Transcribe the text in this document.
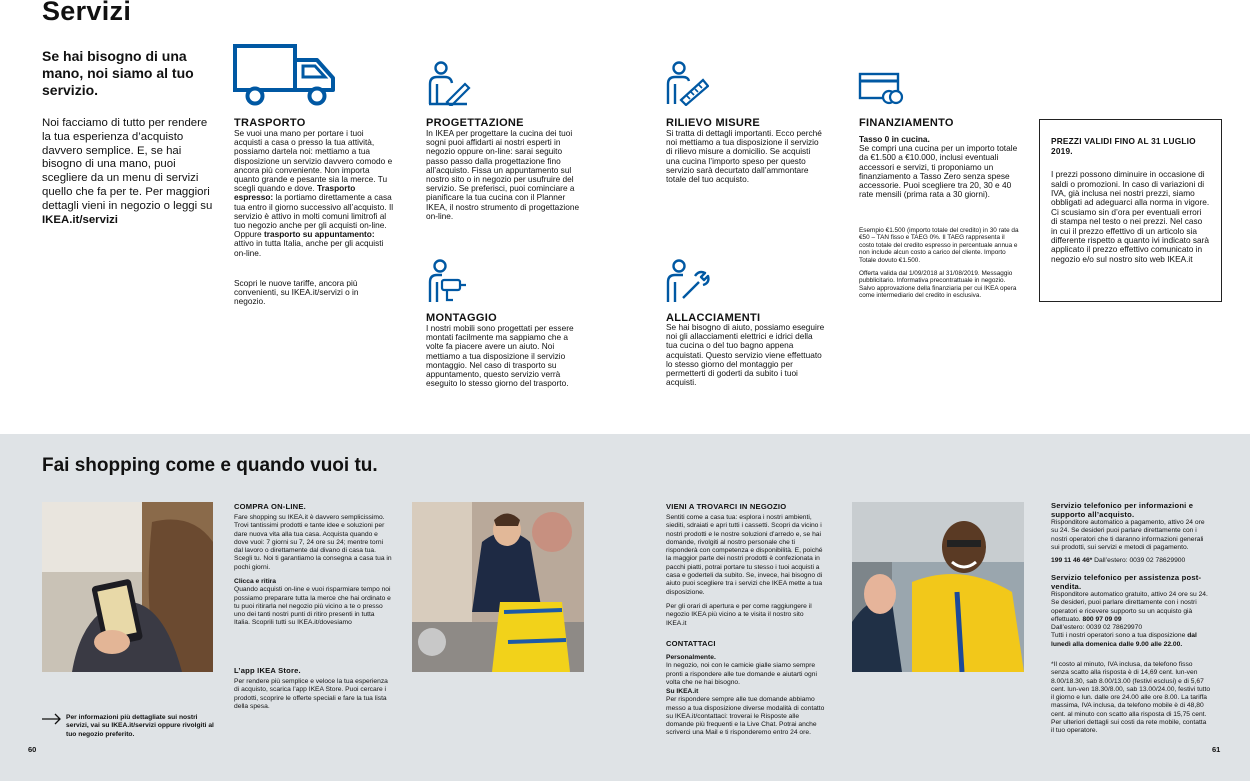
Servizi
Se hai bisogno di una mano, noi siamo al tuo servizio.
Noi facciamo di tutto per rendere la tua esperienza d’acquisto davvero semplice. E, se hai bisogno di una mano, puoi scegliere da un menu di servizi quello che fa per te. Per maggiori dettagli vieni in negozio o leggi su IKEA.it/servizi
TRASPORTO
Se vuoi una mano per portare i tuoi acquisti a casa o presso la tua attività, possiamo dartela noi: mettiamo a tua disposizione un servizio davvero comodo e ancora più conveniente. Non importa quanto grande e pesante sia la merce. Tu scegli quando e dove. Trasporto espresso: la portiamo direttamente a casa tua entro il giorno successivo all’acquisto. Il servizio è attivo in molti comuni limitrofi al tuo negozio anche per gli acquisti on-line. Oppure trasporto su appuntamento: attivo in tutta Italia, anche per gli acquisti on-line.
Scopri le nuove tariffe, ancora più convenienti, su IKEA.it/servizi o in negozio.
PROGETTAZIONE
In IKEA per progettare la cucina dei tuoi sogni puoi affidarti ai nostri esperti in negozio oppure on-line: sarai seguito passo passo dalla progettazione fino all’acquisto. Fissa un appuntamento sul nostro sito o in negozio per usufruire del servizio. Se preferisci, puoi cominciare a pianificare la tua cucina con il Planner IKEA, il nostro strumento di progettazione on-line.
RILIEVO MISURE
Si tratta di dettagli importanti. Ecco perché noi mettiamo a tua disposizione il servizio di rilievo misure a domicilio. Se acquisti una cucina l’importo speso per questo servizio sarà decurtato dall’ammontare totale del tuo acquisto.
FINANZIAMENTO
Tasso 0 in cucina.
Se compri una cucina per un importo totale da €1.500 a €10.000, inclusi eventuali accessori e servizi, ti proponiamo un finanziamento a Tasso Zero senza spese accessorie. Puoi scegliere tra 20, 30 e 40 rate mensili (prima rata a 30 giorni).
Esempio €1.500 (importo totale del credito) in 30 rate da €50 – TAN fisso e TAEG 0%. Il TAEG rappresenta il costo totale del credito espresso in percentuale annua e non include alcun costo a carico del cliente. Importo Totale dovuto €1.500.
Offerta valida dal 1/09/2018 al 31/08/2019. Messaggio pubblicitario. Informativa precontrattuale in negozio. Salvo approvazione della finanziaria per cui IKEA opera come intermediario del credito in esclusiva.
MONTAGGIO
I nostri mobili sono progettati per essere montati facilmente ma sappiamo che a volte fa piacere avere un aiuto. Noi mettiamo a tua disposizione il servizio montaggio. Nel caso di trasporto su appuntamento, questo servizio verrà eseguito lo stesso giorno del trasporto.
ALLACCIAMENTI
Se hai bisogno di aiuto, possiamo eseguire noi gli allacciamenti elettrici e idrici della tua cucina o del tuo bagno appena acquistati. Questo servizio viene effettuato lo stesso giorno del montaggio per permetterti di goderti da subito i tuoi acquisti.
PREZZI VALIDI FINO AL 31 LUGLIO 2019.
I prezzi possono diminuire in occasione di saldi o promozioni. In caso di variazioni di IVA, già inclusa nei nostri prezzi, siamo obbligati ad adeguarci alla norma in vigore. Ci scusiamo sin d’ora per eventuali errori di stampa nel testo o nei prezzi. Nel caso in cui il prezzo effettivo di un articolo sia differente rispetto a quanto ivi indicato sarà applicato il prezzo effettivo comunicato in negozio e/o sul nostro sito web IKEA.it
Fai shopping come e quando vuoi tu.
COMPRA ON-LINE.
Fare shopping su IKEA.it è davvero semplicissimo. Trovi tantissimi prodotti e tante idee e soluzioni per dare nuova vita alla tua casa. Acquista quando e dove vuoi: 7 giorni su 7, 24 ore su 24; mentre torni dal lavoro o direttamente dal divano di casa tua. Scegli tu. Noi ti garantiamo la consegna a casa tua in pochi giorni.
Clicca e ritira
Quando acquisti on-line e vuoi risparmiare tempo noi possiamo preparare tutta la merce che hai ordinato e tu puoi ritirarla nel negozio più vicino a te o presso uno dei tanti nostri punti di ritiro presenti in tutta Italia. Scoprili tutti su IKEA.it/dovesiamo
L’app IKEA Store.
Per rendere più semplice e veloce la tua esperienza di acquisto, scarica l’app IKEA Store. Puoi cercare i prodotti, scoprire le offerte speciali e fare la tua lista della spesa.
Per informazioni più dettagliate sui nostri servizi, vai su IKEA.it/servizi oppure rivolgiti al tuo negozio preferito.
60
VIENI A TROVARCI IN NEGOZIO
Sentiti come a casa tua: esplora i nostri ambienti, siediti, sdraiati e apri tutti i cassetti. Scopri da vicino i nostri prodotti e le nostre soluzioni d’arredo e, se hai domande, rivolgiti al nostro personale che ti risponderà con competenza e disponibilità. E, poiché la maggior parte dei nostri prodotti è confezionata in pacchi piatti, potrai portare tu stesso i tuoi acquisti a casa e goderteli da subito. Se, invece, hai bisogno di aiuto puoi scegliere tra i servizi che IKEA mette a tua disposizione.
Per gli orari di apertura e per come raggiungere il negozio IKEA più vicino a te visita il nostro sito IKEA.it
CONTATTACI
Personalmente.
In negozio, noi con le camicie gialle siamo sempre pronti a rispondere alle tue domande e aiutarti ogni volta che ne hai bisogno.
Su IKEA.it
Per rispondere sempre alle tue domande abbiamo messo a tua disposizione diverse modalità di contatto su IKEA.it/contattaci: troverai le Risposte alle domande più frequenti e la Live Chat. Potrai anche scriverci una Mail e ti risponderemo entro 24 ore.
Servizio telefonico per informazioni e supporto all’acquisto.
Risponditore automatico a pagamento, attivo 24 ore su 24. Se desideri puoi parlare direttamente con i nostri operatori che ti daranno informazioni generali sui prodotti, sui servizi e metodi di pagamento.
199 11 46 46* Dall’estero: 0039 02 78629900
Servizio telefonico per assistenza post-vendita.
Risponditore automatico gratuito, attivo 24 ore su 24. Se desideri, puoi parlare direttamente con i nostri operatori e ricevere supporto su un acquisto già effettuato. 800 97 09 09
Dall’estero: 0039 02 78629970
Tutti i nostri operatori sono a tua disposizione dal lunedì alla domenica dalle 9.00 alle 22.00.
*Il costo al minuto, IVA inclusa, da telefono fisso senza scatto alla risposta è di 14,69 cent. lun-ven 8.00/18.30, sab 8.00/13.00 (festivi esclusi) e di 5,67 cent. lun-ven 18.30/8.00, sab 13.00/24.00, festivi tutto il giorno e lun. dalle ore 24.00 alle ore 8.00. La tariffa massima, IVA inclusa, da telefono mobile è di 48,80 cent. al minuto con scatto alla risposta di 15,75 cent. Per ulteriori dettagli sui costi da rete mobile, contatta il tuo operatore.
61
